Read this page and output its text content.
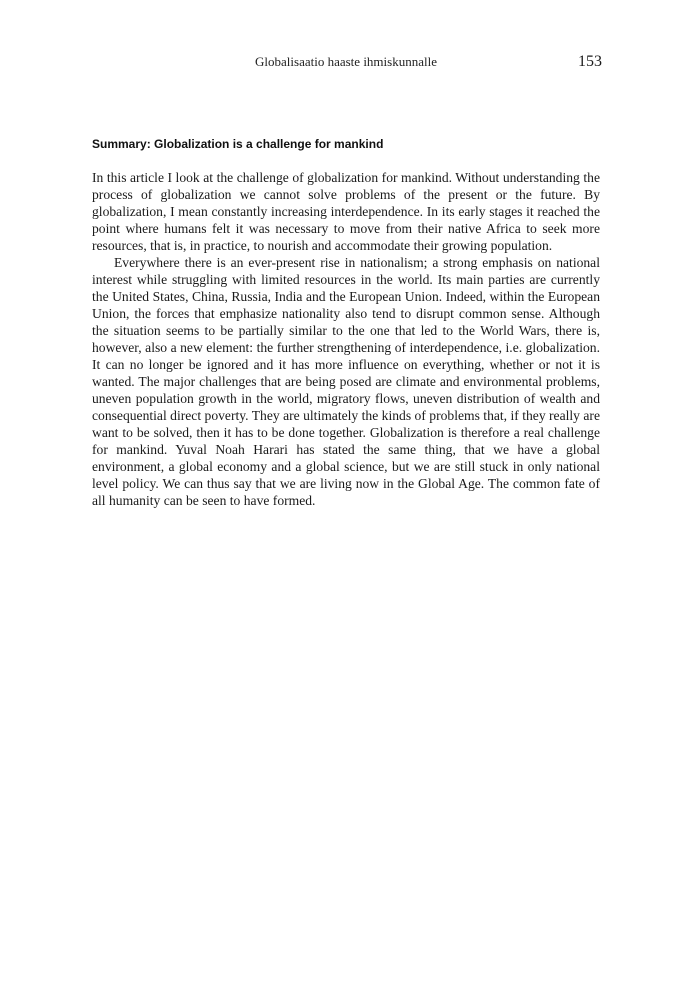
Globalisaatio haaste ihmiskunnalle	153
Summary: Globalization is a challenge for mankind

In this article I look at the challenge of globalization for mankind. Without understanding the process of globalization we cannot solve problems of the present or the future. By globalization, I mean constantly increasing interdependence. In its early stages it reached the point where humans felt it was necessary to move from their native Africa to seek more resources, that is, in practice, to nourish and accommodate their growing population.

Everywhere there is an ever-present rise in nationalism; a strong emphasis on national interest while struggling with limited resources in the world. Its main parties are currently the United States, China, Russia, India and the European Union. Indeed, within the European Union, the forces that emphasize nationality also tend to disrupt common sense. Although the situation seems to be partially similar to the one that led to the World Wars, there is, however, also a new element: the further strengthening of interdependence, i.e. globalization. It can no longer be ignored and it has more influence on everything, whether or not it is wanted. The major challenges that are being posed are climate and environmental problems, uneven population growth in the world, migratory flows, uneven distribution of wealth and consequential direct poverty. They are ultimately the kinds of problems that, if they really are want to be solved, then it has to be done together. Globalization is therefore a real challenge for mankind. Yuval Noah Harari has stated the same thing, that we have a global environment, a global economy and a global science, but we are still stuck in only national level policy. We can thus say that we are living now in the Global Age. The common fate of all humanity can be seen to have formed.
